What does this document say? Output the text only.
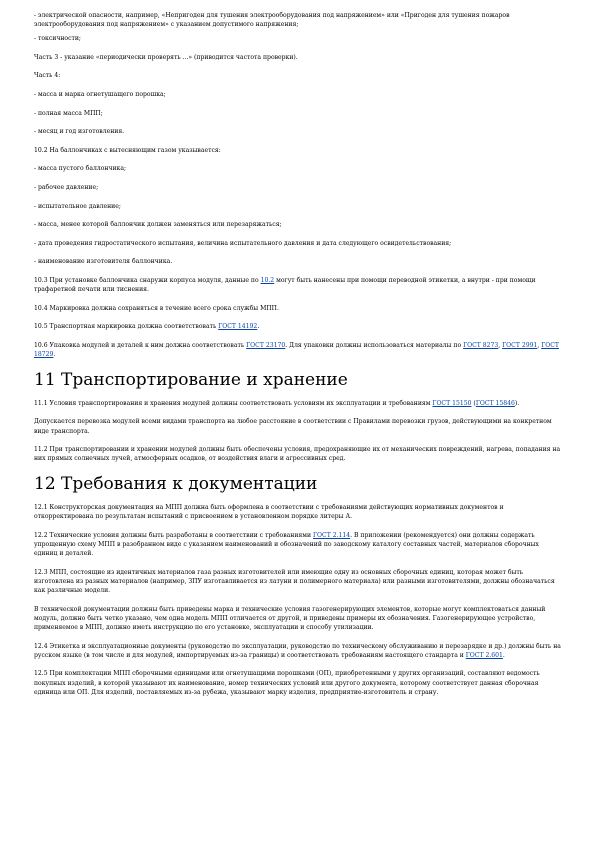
- электрической опасности, например, «Непригоден для тушения электрооборудования под напряжением» или «Пригоден для тушения пожаров электрооборудования под напряжением» с указанием допустимого напряжения;

- токсичности;

Часть 3 - указание «периодически проверять ...» (приводится частота проверки).

Часть 4:

- масса и марка огнетушащего порошка;

- полная масса МПП;

- месяц и год изготовления.

10.2 На баллончиках с вытесняющим газом указывается:

- масса пустого баллончика;

- рабочее давление;

- испытательное давление;

- масса, менее которой баллончик должен заменяться или перезаряжаться;

- дата проведения гидростатического испытания, величина испытательного давления и дата следующего освидетельствования;

- наименование изготовителя баллончика.

10.3 При установке баллончика снаружи корпуса модуля, данные по 10.2 могут быть нанесены при помощи переводной этикетки, а внутри - при помощи трафаретной печати или тиснения.

10.4 Маркировка должна сохраняться в течение всего срока службы МПП.

10.5 Транспортная маркировка должна соответствовать ГОСТ 14192.

10.6 Упаковка модулей и деталей к ним должна соответствовать ГОСТ 23170. Для упаковки должны использоваться материалы по ГОСТ 8273, ГОСТ 2991, ГОСТ 18729.

11 Транспортирование и хранение

11.1 Условия транспортирования и хранения модулей должны соответствовать условиям их эксплуатации и требованиям ГОСТ 15150 (ГОСТ 15846).

Допускается перевозка модулей всеми видами транспорта на любое расстояние в соответствии с Правилами перевозки грузов, действующими на конкретном виде транспорта.

11.2 При транспортировании и хранении модулей должны быть обеспечены условия, предохраняющие их от механических повреждений, нагрева, попадания на них прямых солнечных лучей, атмосферных осадков, от воздействия влаги и агрессивных сред.

12 Требования к документации

12.1 Конструкторская документация на МПП должна быть оформлена в соответствии с требованиями действующих нормативных документов и откорректирована по результатам испытаний с присвоением в установленном порядке литеры А.

12.2 Технические условия должны быть разработаны в соответствии с требованиями ГОСТ 2.114. В приложении (рекомендуется) они должны содержать упрощенную схему МПП в разобранном виде с указанием наименований и обозначений по заводскому каталогу составных частей, материалов сборочных единиц и деталей.

12.3 МПП, состоящие из идентичных материалов газа разных изготовителей или имеющие одну из основных сборочных единиц, которая может быть изготовлена из разных материалов (например, ЗПУ изготавливается из латуни и полимерного материала) или разными изготовителями, должны обозначаться как различные модели.

В технической документации должны быть приведены марка и технические условия газогенерирующих элементов, которые могут комплектоваться данный модуль, должно быть четко указано, чем одна модель МПП отличается от другой, и приведены примеры их обозначения. Газогенерирующее устройство, применяемое в МПП, должно иметь инструкцию по его установке, эксплуатации и способу утилизации.

12.4 Этикетка и эксплуатационные документы (руководство по эксплуатации, руководство по техническому обслуживанию и перезарядке и др.) должны быть на русском языке (в том числе и для модулей, импортируемых из-за границы) и соответствовать требованиям настоящего стандарта и ГОСТ 2.601.

12.5 При комплектации МПП сборочными единицами или огнетушащими порошками (ОП), приобретенными у других организаций, составляют ведомость покупных изделий, в которой указывают их наименование, номер технических условий или другого документа, которому соответствует данная сборочная единица или ОП. Для изделий, поставляемых из-за рубежа, указывают марку изделия, предприятие-изготовитель и страну.
